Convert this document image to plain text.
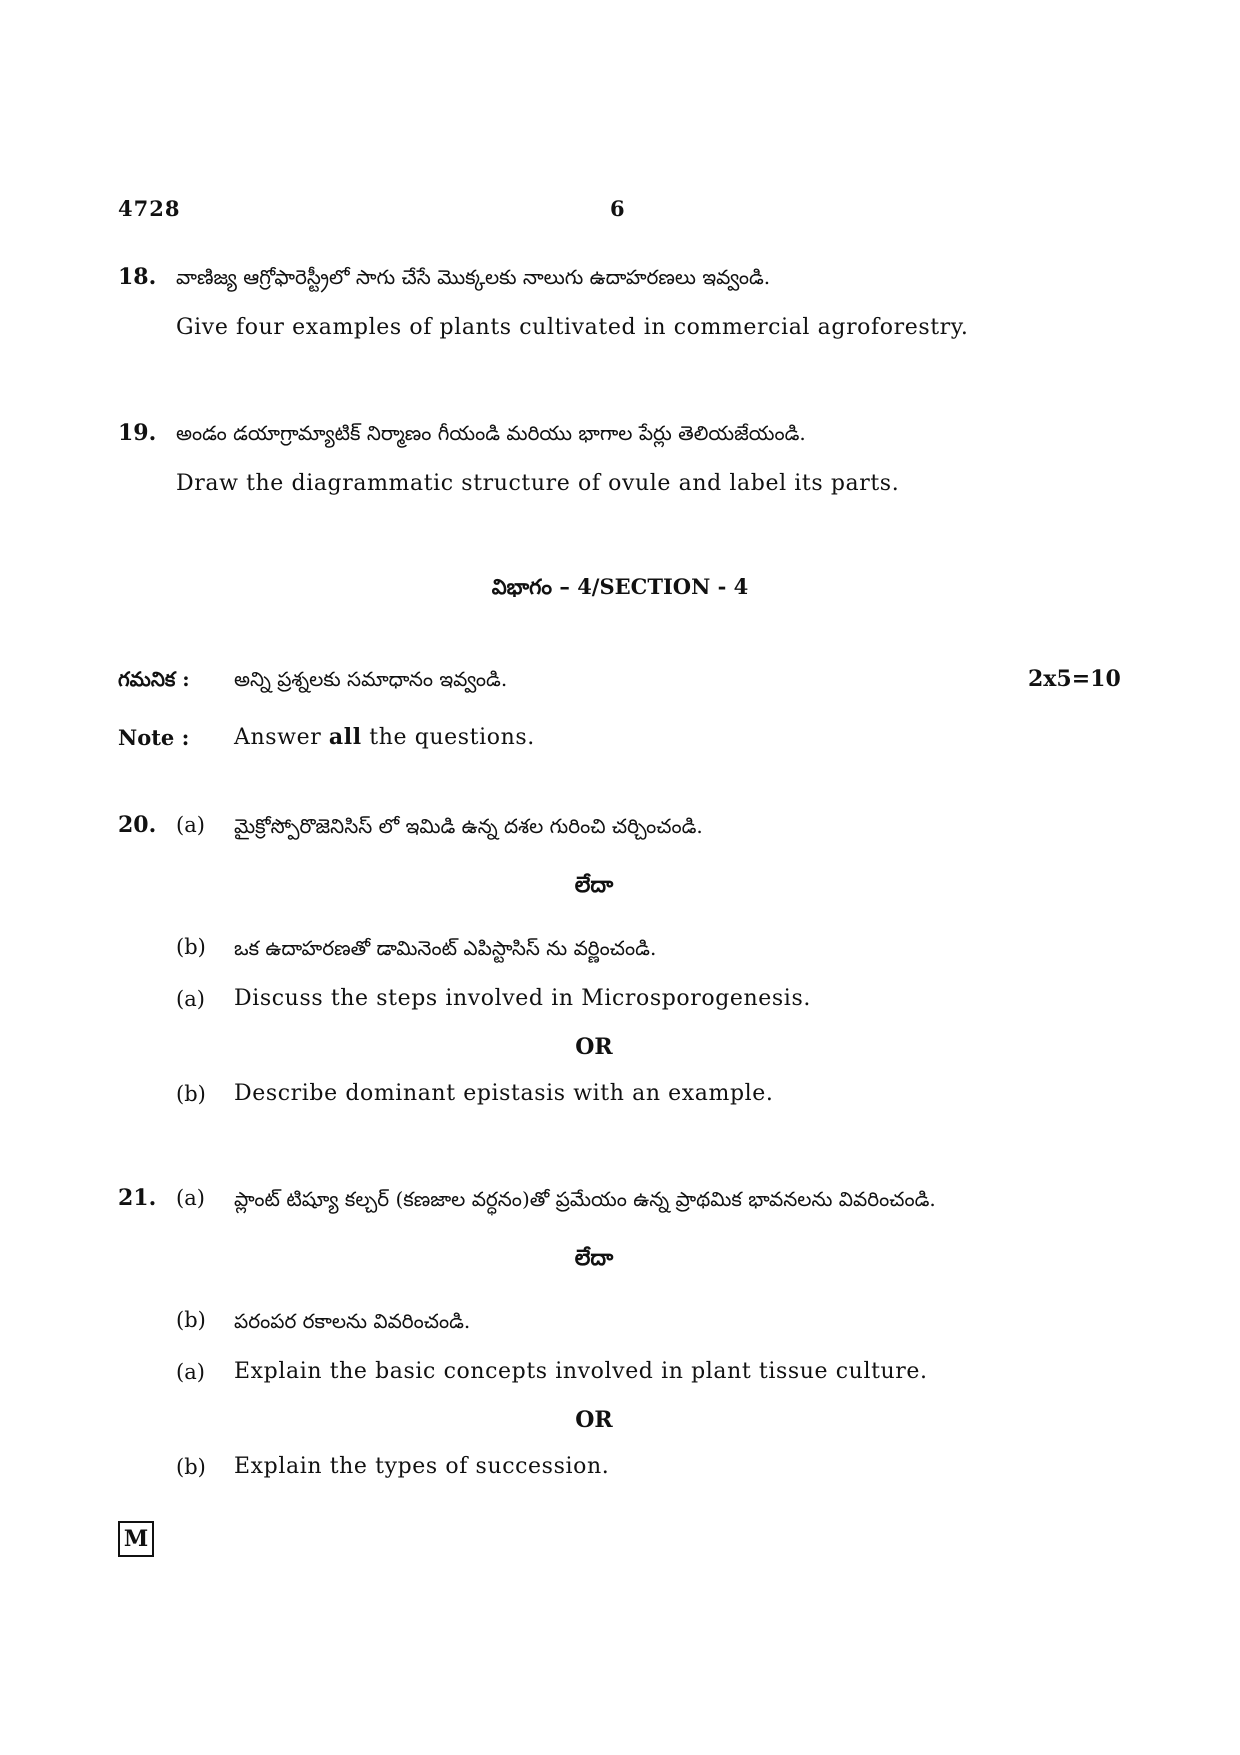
4728	6
18. వాణిజ్య ఆగ్రోఫారెస్ట్రీలో సాగు చేసే మొక్కలకు నాలుగు ఉదాహరణలు ఇవ్వండి.
Give four examples of plants cultivated in commercial agroforestry.
19. అండం డయాగ్రామ్యాటిక్ నిర్మాణం గీయండి మరియు భాగాల పేర్లు తెలియజేయండి.
Draw the diagrammatic structure of ovule and label its parts.
విభాగం – 4/SECTION - 4
గమనిక : అన్ని ప్రశ్నలకు సమాధానం ఇవ్వండి.	2x5=10
Note : Answer all the questions.
20. (a) మైక్రోస్పోరొజెనిసిస్ లో ఇమిడి ఉన్న దశల గురించి చర్చించండి.
లేదా
(b) ఒక ఉదాహరణతో డామినెంట్ ఎపిస్టాసిస్ ను వర్ణించండి.
(a) Discuss the steps involved in Microsporogenesis.
OR
(b) Describe dominant epistasis with an example.
21. (a) ప్లాంట్ టిష్యూ కల్చర్ (కణజాల వర్ధనం)తో ప్రమేయం ఉన్న ప్రాథమిక భావనలను వివరించండి.
లేదా
(b) పరంపర రకాలను వివరించండి.
(a) Explain the basic concepts involved in plant tissue culture.
OR
(b) Explain the types of succession.
M
